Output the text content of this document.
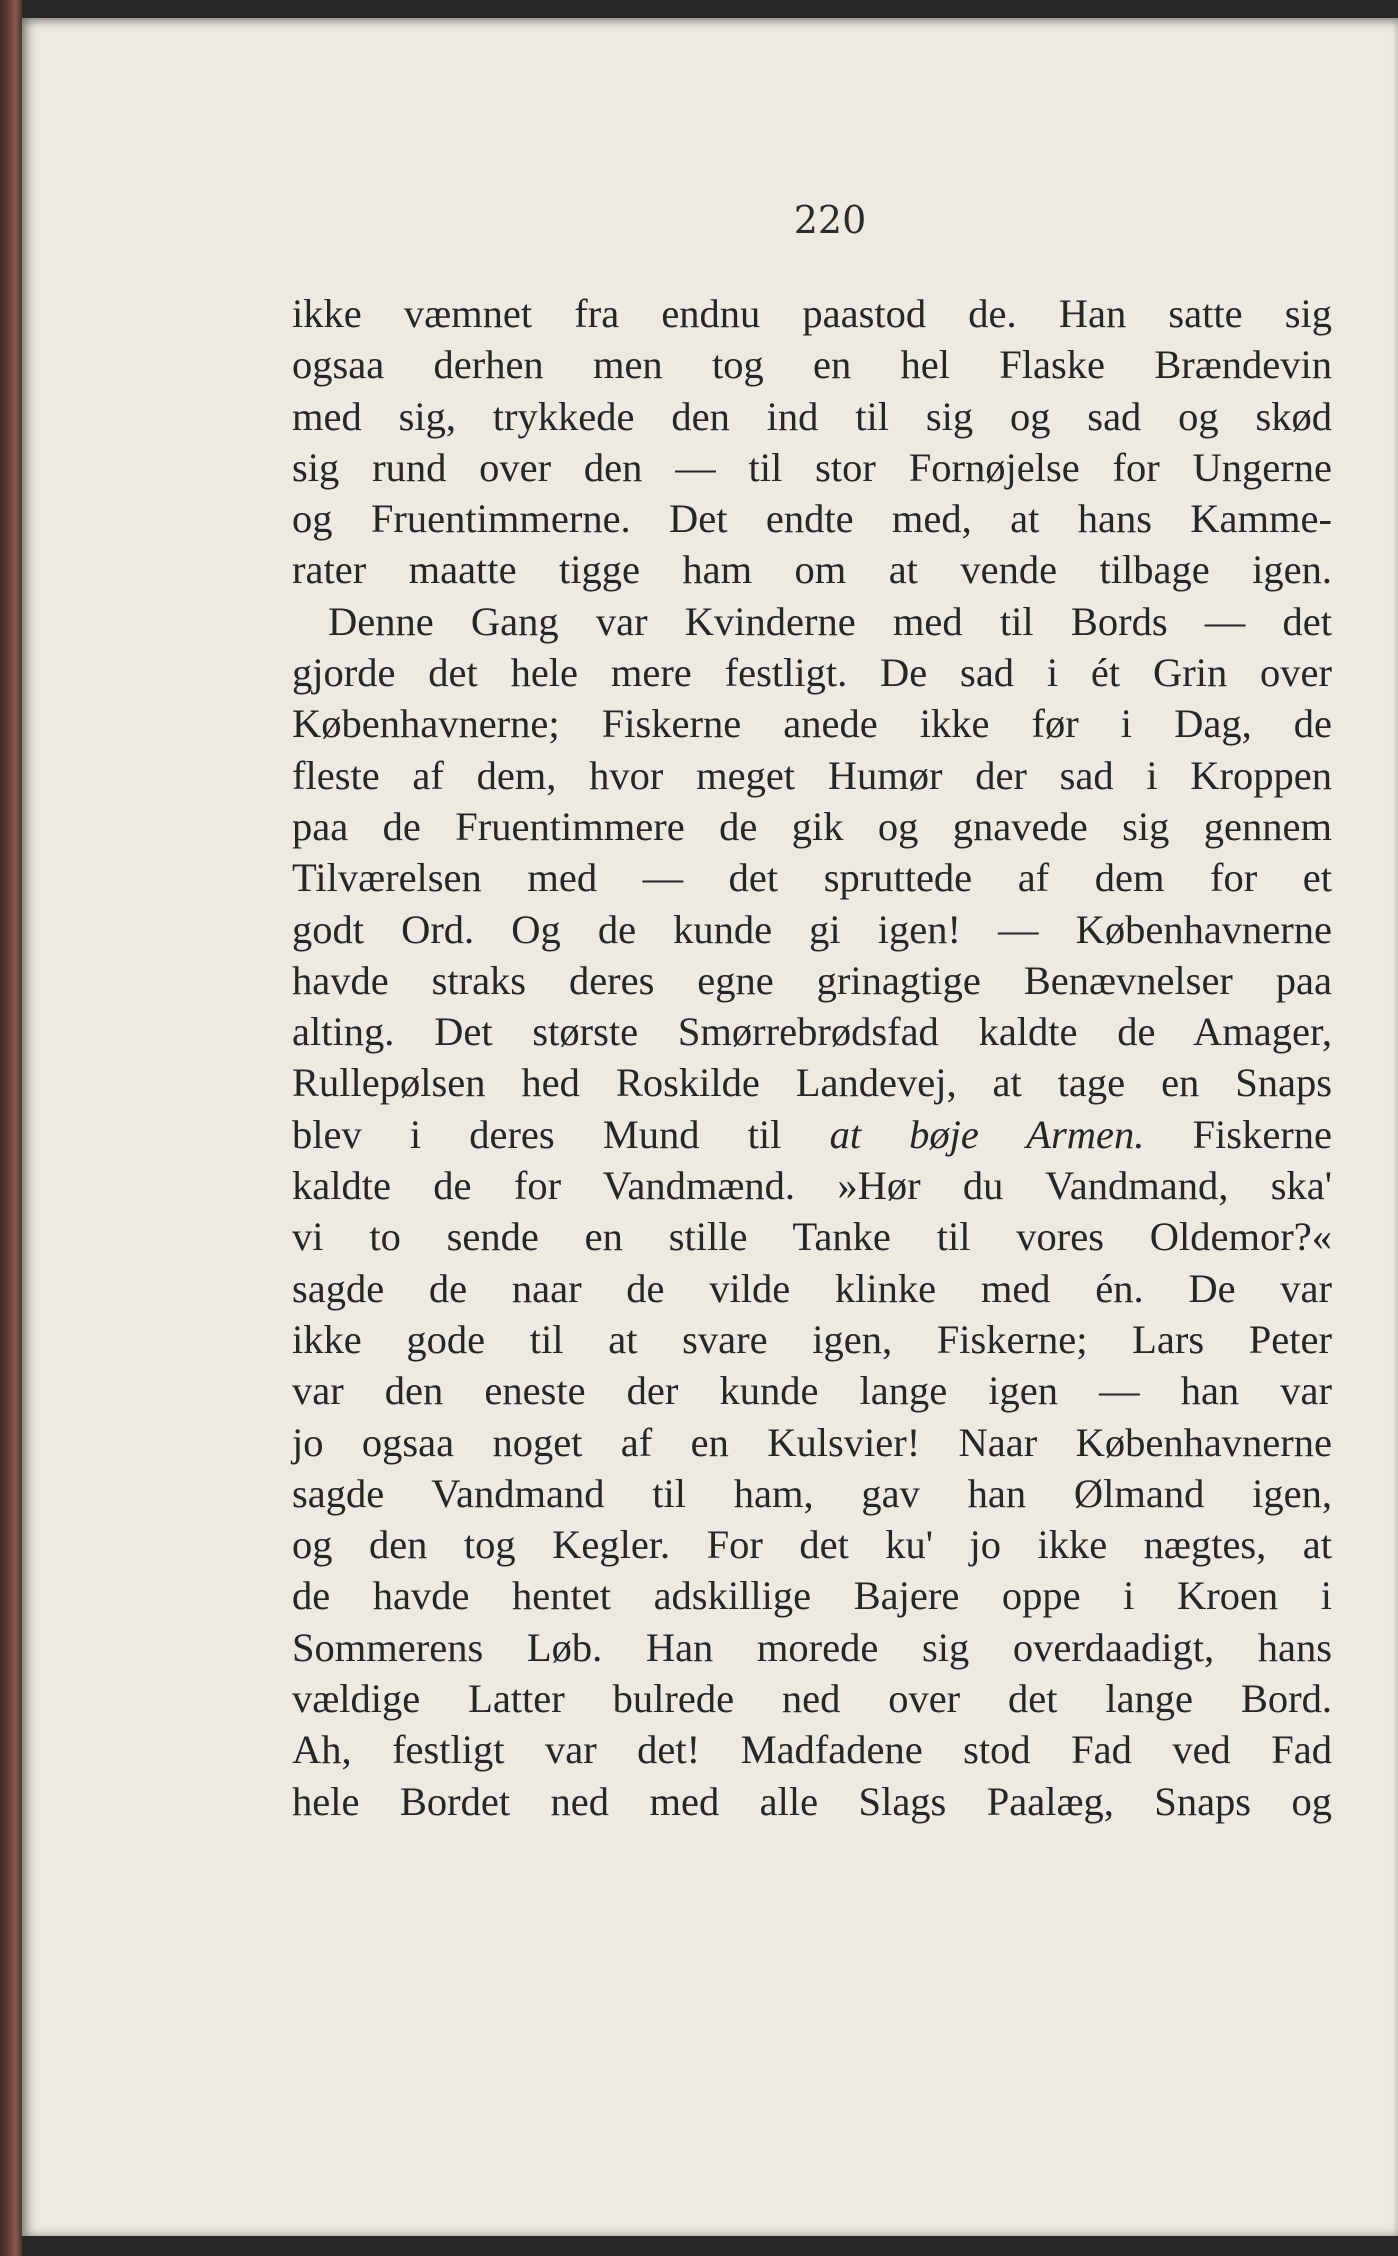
220
ikke væmnet fra endnu paastod de. Han satte sig
ogsaa derhen men tog en hel Flaske Brændevin
med sig, trykkede den ind til sig og sad og skød
sig rund over den — til stor Fornøjelse for Ungerne
og Fruentimmerne. Det endte med, at hans Kamme-
rater maatte tigge ham om at vende tilbage igen.
Denne Gang var Kvinderne med til Bords — det
gjorde det hele mere festligt. De sad i ét Grin over
Københavnerne; Fiskerne anede ikke før i Dag, de
fleste af dem, hvor meget Humør der sad i Kroppen
paa de Fruentimmere de gik og gnavede sig gennem
Tilværelsen med — det spruttede af dem for et
godt Ord. Og de kunde gi igen! — Københavnerne
havde straks deres egne grinagtige Benævnelser paa
alting. Det største Smørrebrødsfad kaldte de Amager,
Rullepølsen hed Roskilde Landevej, at tage en Snaps
blev i deres Mund til at bøje Armen. Fiskerne
kaldte de for Vandmænd. »Hør du Vandmand, ska'
vi to sende en stille Tanke til vores Oldemor?«
sagde de naar de vilde klinke med én. De var
ikke gode til at svare igen, Fiskerne; Lars Peter
var den eneste der kunde lange igen — han var
jo ogsaa noget af en Kulsvier! Naar Københavnerne
sagde Vandmand til ham, gav han Ølmand igen,
og den tog Kegler. For det ku' jo ikke nægtes, at
de havde hentet adskillige Bajere oppe i Kroen i
Sommerens Løb. Han morede sig overdaadigt, hans
vældige Latter bulrede ned over det lange Bord.
Ah, festligt var det! Madfadene stod Fad ved Fad
hele Bordet ned med alle Slags Paalæg, Snaps og
